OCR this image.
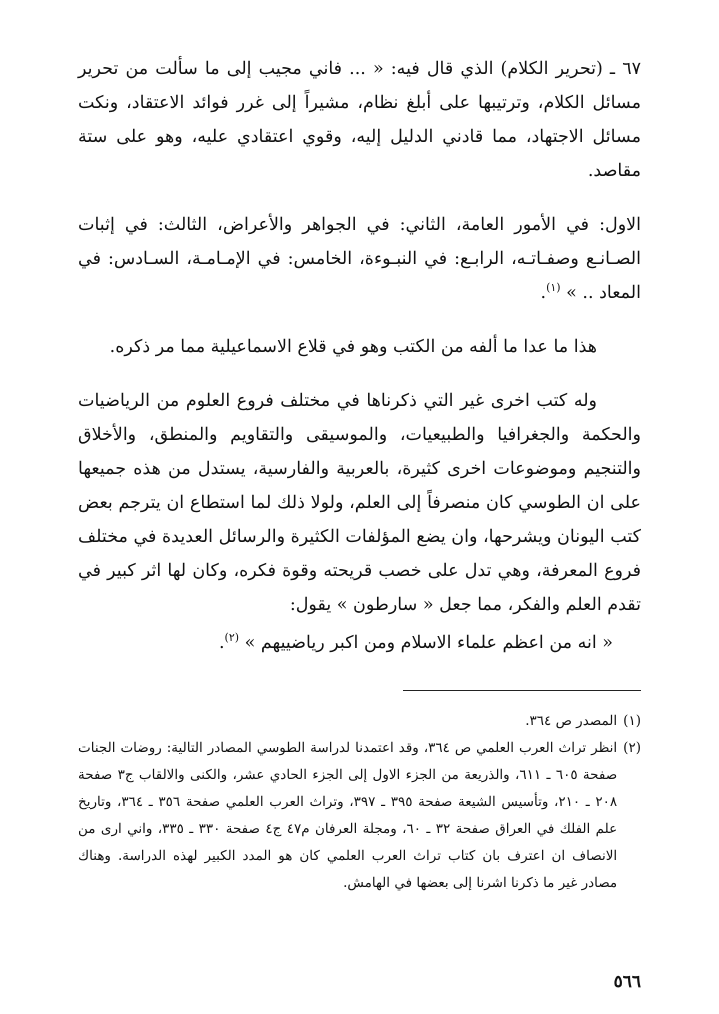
٦٧ ـ (تحرير الكلام) الذي قال فيه: « ... فاني مجيب إلى ما سألت من تحرير مسائل الكلام، وترتيبها على أبلغ نظام، مشيراً إلى غرر فوائد الاعتقاد، ونكت مسائل الاجتهاد، مما قادني الدليل إليه، وقوي اعتقادي عليه، وهو على ستة مقاصد.

الاول: في الأمور العامة، الثاني: في الجواهر والأعراض، الثالث: في إثبات الصـانـع وصفـاتـه، الرابـع: في النبـوءة، الخامس: في الإمـامـة، السـادس: في المعاد .. » $^{(١)}$.

هذا ما عدا ما ألفه من الكتب وهو في قلاع الاسماعيلية مما مر ذكره.

وله كتب اخرى غير التي ذكرناها في مختلف فروع العلوم من الرياضيات والحكمة والجغرافيا والطبيعيات، والموسيقى والتقاويم والمنطق، والأخلاق والتنجيم وموضوعات اخرى كثيرة، بالعربية والفارسية، يستدل من هذه جميعها على ان الطوسي كان منصرفاً إلى العلم، ولولا ذلك لما استطاع ان يترجم بعض كتب اليونان ويشرحها، وان يضع المؤلفات الكثيرة والرسائل العديدة في مختلف فروع المعرفة، وهي تدل على خصب قريحته وقوة فكره، وكان لها اثر كبير في تقدم العلم والفكر، مما جعل « سارطون » يقول:

« انه من اعظم علماء الاسلام ومن اكبر رياضييهم » $^{(٢)}$.

(١)
المصدر ص ٣٦٤.
(٢)
انظر تراث العرب العلمي ص ٣٦٤، وقد اعتمدنا لدراسة الطوسي المصادر التالية: روضات الجنات صفحة ٦٠٥ ـ ٦١١، والذريعة من الجزء الاول إلى الجزء الحادي عشر، والكنى والالقاب ج٣ صفحة ٢٠٨ ـ ٢١٠، وتأسيس الشيعة صفحة ٣٩٥ ـ ٣٩٧، وتراث العرب العلمي صفحة ٣٥٦ ـ ٣٦٤، وتاريخ علم الفلك في العراق صفحة ٣٢ ـ ٦٠، ومجلة العرفان م٤٧ ج٤ صفحة ٣٣٠ ـ ٣٣٥، واني ارى من الانصاف ان اعترف بان كتاب تراث العرب العلمي كان هو المدد الكبير لهذه الدراسة. وهناك مصادر غير ما ذكرنا اشرنا إلى بعضها في الهامش.
٥٦٦
